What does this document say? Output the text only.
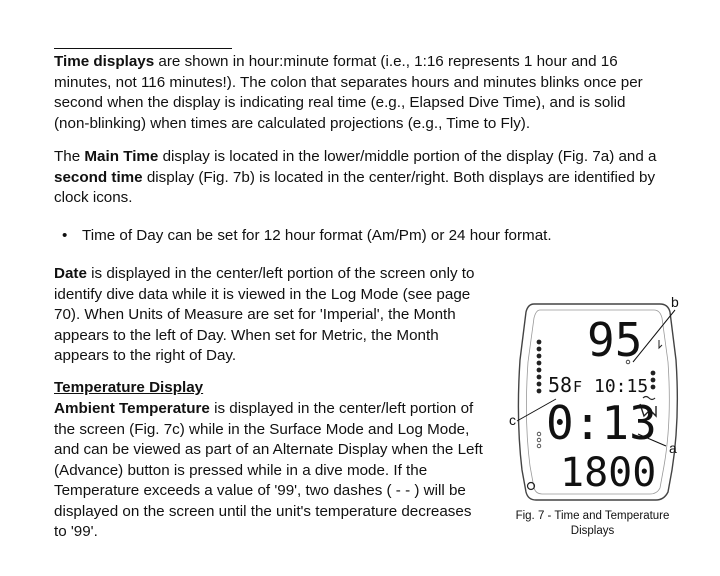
Time displays are shown in hour:minute format (i.e., 1:16 represents 1 hour and 16 minutes, not 116 minutes!). The colon that separates hours and minutes blinks once per second when the display is indicating real time (e.g., Elapsed Dive Time), and is solid (non-blinking) when times are calculated projections (e.g., Time to Fly).

The Main Time display is located in the lower/middle portion of the display (Fig. 7a) and a second time display (Fig. 7b) is located in the center/right. Both displays are identified by clock icons.

• Time of Day can be set for 12 hour format (Am/Pm) or 24 hour format.

Date is displayed in the center/left portion of the screen only to identify dive data while it is viewed in the Log Mode (see page 70). When Units of Measure are set for 'Imperial', the Month appears to the left of Day. When set for Metric, the Month appears to the right of Day.

Temperature Display

Ambient Temperature is displayed in the center/left portion of the screen (Fig. 7c) while in the Surface Mode and Log Mode, and can be viewed as part of an Alternate Display when the Left (Advance) button is pressed while in a dive mode. If the Temperature exceeds a value of '99', two dashes ( - - ) will be displayed on the screen until the unit's temperature decreases to '99'.

95
58 F 10:15
0:13
1800
b
c
a
Fig. 7 - Time and Temperature
Displays
